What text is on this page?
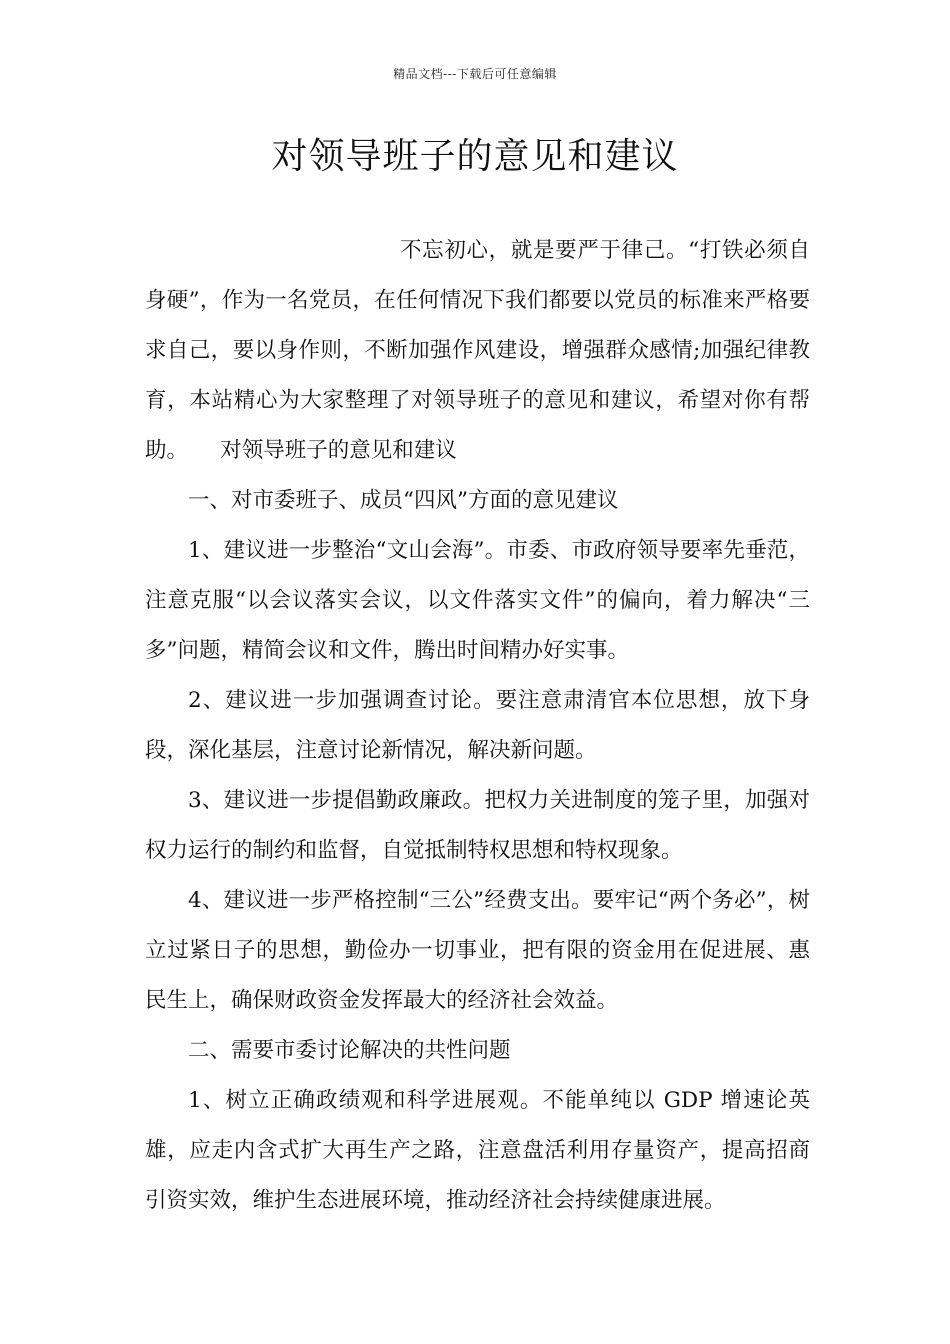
精品文档---下载后可任意编辑
对领导班子的意见和建议

不忘初心，就是要严于律己。“打铁必须自身硬”，作为一名党员，在任何情况下我们都要以党员的标准来严格要求自己，要以身作则，不断加强作风建设，增强群众感情;加强纪律教育，本站精心为大家整理了对领导班子的意见和建议，希望对你有帮助。　　对领导班子的意见和建议

一、对市委班子、成员“四风”方面的意见建议

1、建议进一步整治“文山会海”。市委、市政府领导要率先垂范，注意克服“以会议落实会议，以文件落实文件”的偏向，着力解决“三多”问题，精简会议和文件，腾出时间精办好实事。

2、建议进一步加强调查讨论。要注意肃清官本位思想，放下身段，深化基层，注意讨论新情况，解决新问题。

3、建议进一步提倡勤政廉政。把权力关进制度的笼子里，加强对权力运行的制约和监督，自觉抵制特权思想和特权现象。

4、建议进一步严格控制“三公”经费支出。要牢记“两个务必”，树立过紧日子的思想，勤俭办一切事业，把有限的资金用在促进展、惠民生上，确保财政资金发挥最大的经济社会效益。

二、需要市委讨论解决的共性问题

1、树立正确政绩观和科学进展观。不能单纯以 GDP 增速论英雄，应走内含式扩大再生产之路，注意盘活利用存量资产，提高招商引资实效，维护生态进展环境，推动经济社会持续健康进展。
